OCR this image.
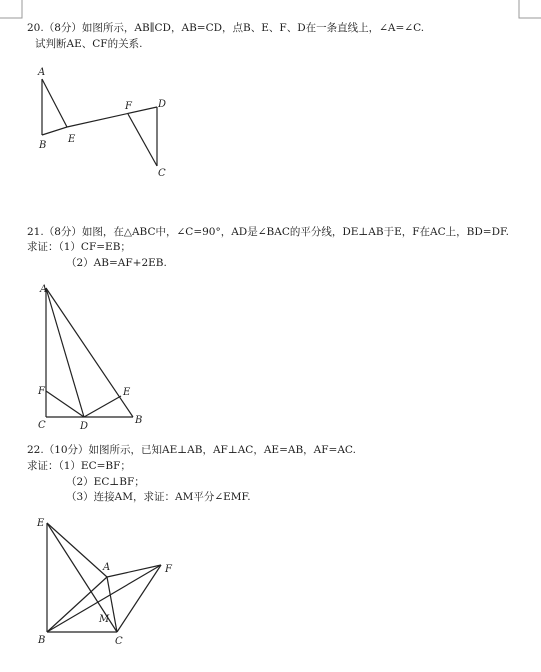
20.（8分）如图所示，AB∥CD，AB=CD，点B、E、F、D在一条直线上，∠A=∠C.
试判断AE、CF的关系.
A
B
E
F	D
C
21.（8分）如图，在△ABC中，∠C=90°，AD是∠BAC的平分线，DE⊥AB于E，F在AC上，BD=DF.
求证：（1）CF=EB；
（2）AB=AF+2EB.
A
F
C	D
E
B
22.（10分）如图所示，已知AE⊥AB，AF⊥AC，AE=AB，AF=AC.
求证：（1）EC=BF；
（2）EC⊥BF；
（3）连接AM，求证：AM平分∠EMF.
E
A	F
M
B	C
